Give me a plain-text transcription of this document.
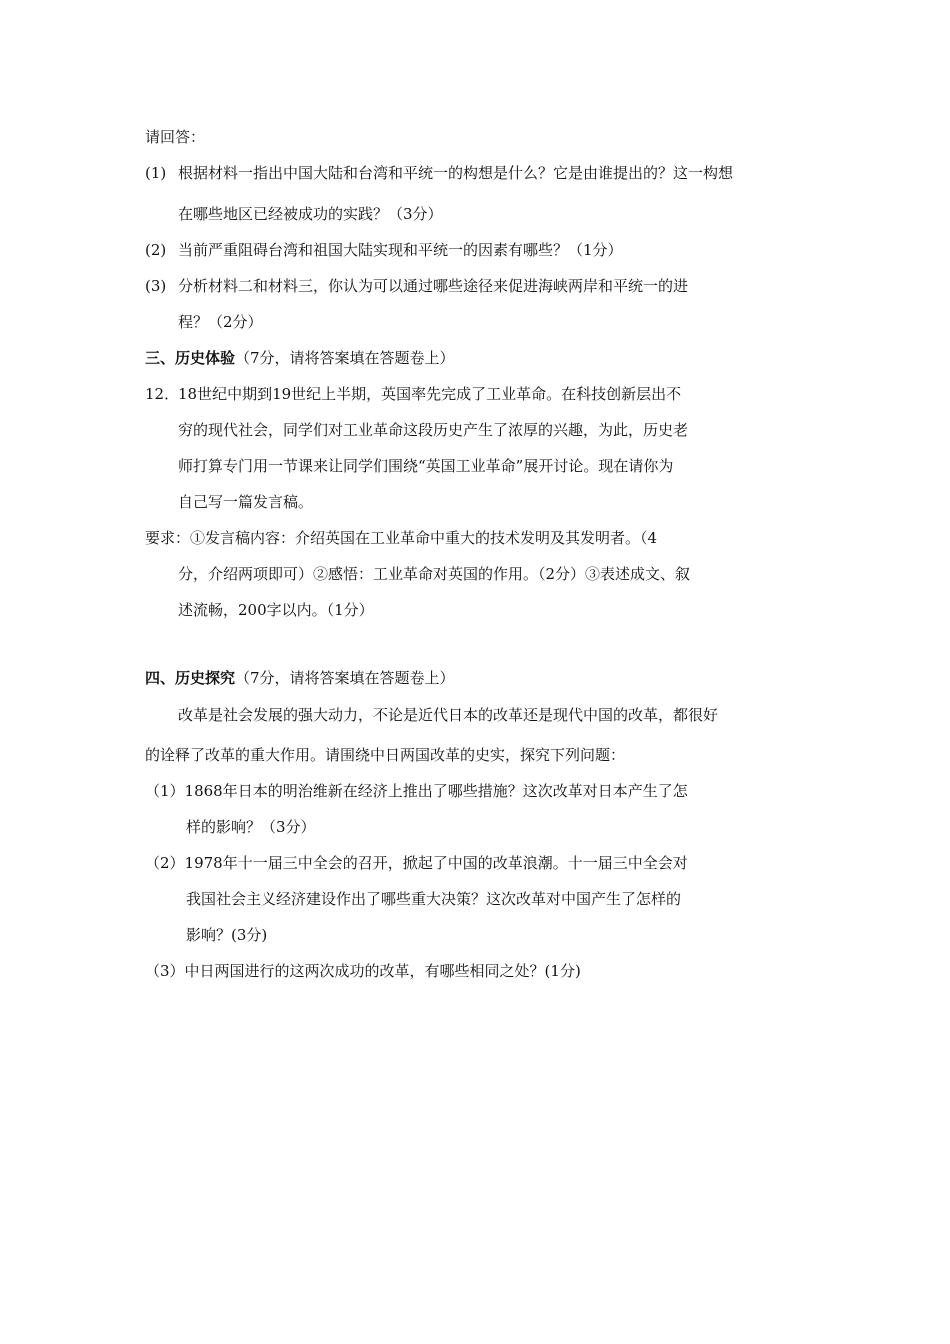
请回答：
(1) 根据材料一指出中国大陆和台湾和平统一的构想是什么？它是由谁提出的？这一构想
在哪些地区已经被成功的实践？（3分）
(2) 当前严重阻碍台湾和祖国大陆实现和平统一的因素有哪些？（1分）
(3) 分析材料二和材料三，你认为可以通过哪些途径来促进海峡两岸和平统一的进
程？（2分）
三、历史体验（7分，请将答案填在答题卷上）
12．
18世纪中期到19世纪上半期，英国率先完成了工业革命。在科技创新层出不
穷的现代社会，同学们对工业革命这段历史产生了浓厚的兴趣，为此，历史老
师打算专门用一节课来让同学们围绕“英国工业革命”展开讨论。现在请你为
自己写一篇发言稿。
要求：①发言稿内容：介绍英国在工业革命中重大的技术发明及其发明者。（4
分，介绍两项即可）②感悟：工业革命对英国的作用。（2分）③表述成文、叙
述流畅，200字以内。（1分）
四、历史探究（7分，请将答案填在答题卷上）
改革是社会发展的强大动力，不论是近代日本的改革还是现代中国的改革，都很好
的诠释了改革的重大作用。请围绕中日两国改革的史实，探究下列问题：
（1）1868年日本的明治维新在经济上推出了哪些措施？这次改革对日本产生了怎
样的影响？（3分）
（2）1978年十一届三中全会的召开，掀起了中国的改革浪潮。十一届三中全会对
我国社会主义经济建设作出了哪些重大决策？这次改革对中国产生了怎样的
影响？(3分)
（3）中日两国进行的这两次成功的改革，有哪些相同之处？(1分)
